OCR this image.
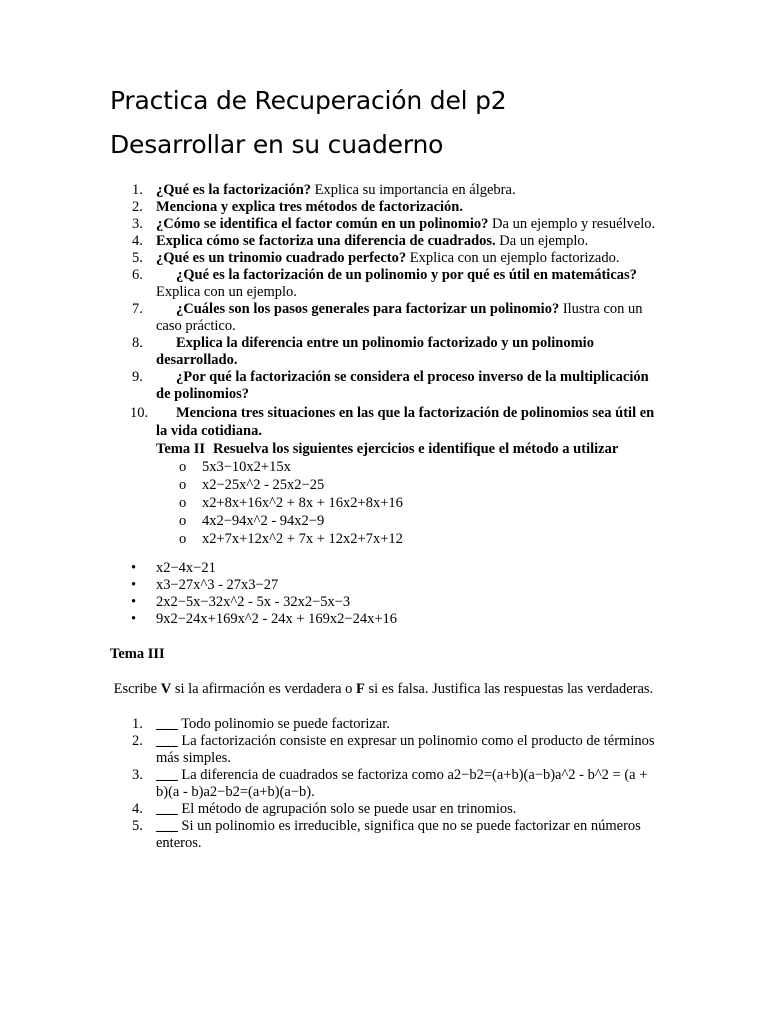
Practica de Recuperación del p2
Desarrollar en su cuaderno
1. ¿Qué es la factorización? Explica su importancia en álgebra.
2. Menciona y explica tres métodos de factorización.
3. ¿Cómo se identifica el factor común en un polinomio? Da un ejemplo y resuélvelo.
4. Explica cómo se factoriza una diferencia de cuadrados. Da un ejemplo.
5. ¿Qué es un trinomio cuadrado perfecto? Explica con un ejemplo factorizado.
6. ¿Qué es la factorización de un polinomio y por qué es útil en matemáticas? Explica con un ejemplo.
7. ¿Cuáles son los pasos generales para factorizar un polinomio? Ilustra con un caso práctico.
8. Explica la diferencia entre un polinomio factorizado y un polinomio desarrollado.
9. ¿Por qué la factorización se considera el proceso inverso de la multiplicación de polinomios?
10. Menciona tres situaciones en las que la factorización de polinomios sea útil en la vida cotidiana.
Tema II Resuelva los siguientes ejercicios e identifique el método a utilizar
o 5x3−10x2+15x
o x2−25x^2 - 25x2−25
o x2+8x+16x^2 + 8x + 16x2+8x+16
o 4x2−94x^2 - 94x2−9
o x2+7x+12x^2 + 7x + 12x2+7x+12
• x2−4x−21
• x3−27x^3 - 27x3−27
• 2x2−5x−32x^2 - 5x - 32x2−5x−3
• 9x2−24x+169x^2 - 24x + 169x2−24x+16
Tema III
Escribe V si la afirmación es verdadera o F si es falsa. Justifica las respuestas las verdaderas.
1. ___ Todo polinomio se puede factorizar.
2. ___ La factorización consiste en expresar un polinomio como el producto de términos más simples.
3. ___ La diferencia de cuadrados se factoriza como a2−b2=(a+b)(a−b)a^2 - b^2 = (a + b)(a - b)a2−b2=(a+b)(a−b).
4. ___ El método de agrupación solo se puede usar en trinomios.
5. ___ Si un polinomio es irreducible, significa que no se puede factorizar en números enteros.
